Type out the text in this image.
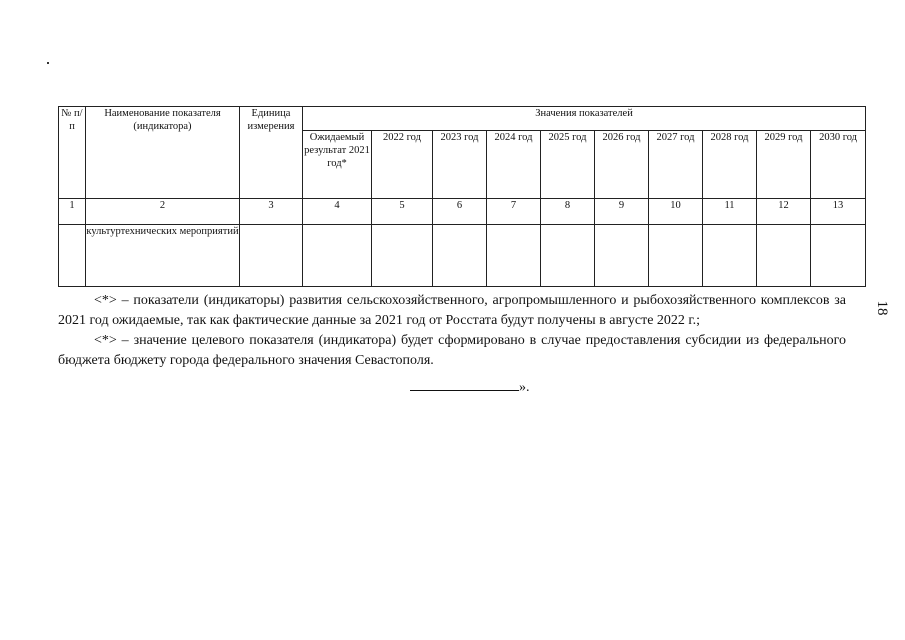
№ п/п	Наименование показателя (индикатора)	Единица измерения	Значения показателей									
			Ожидаемый результат 2021 год*	2022 год	2023 год	2024 год	2025 год	2026 год	2027 год	2028 год	2029 год	2030 год
1	2	3	4	5	6	7	8	9	10	11	12	13
	культуртехнических мероприятий											

<*> – показатели (индикаторы) развития сельскохозяйственного, агропромышленного и рыбохозяйственного комплексов за 2021 год ожидаемые, так как фактические данные за 2021 год от Росстата будут получены в августе 2022 г.;

<*> – значение целевого показателя (индикатора) будет сформировано в случае предоставления субсидии из федерального бюджета бюджету города федерального значения Севастополя.

».
18
